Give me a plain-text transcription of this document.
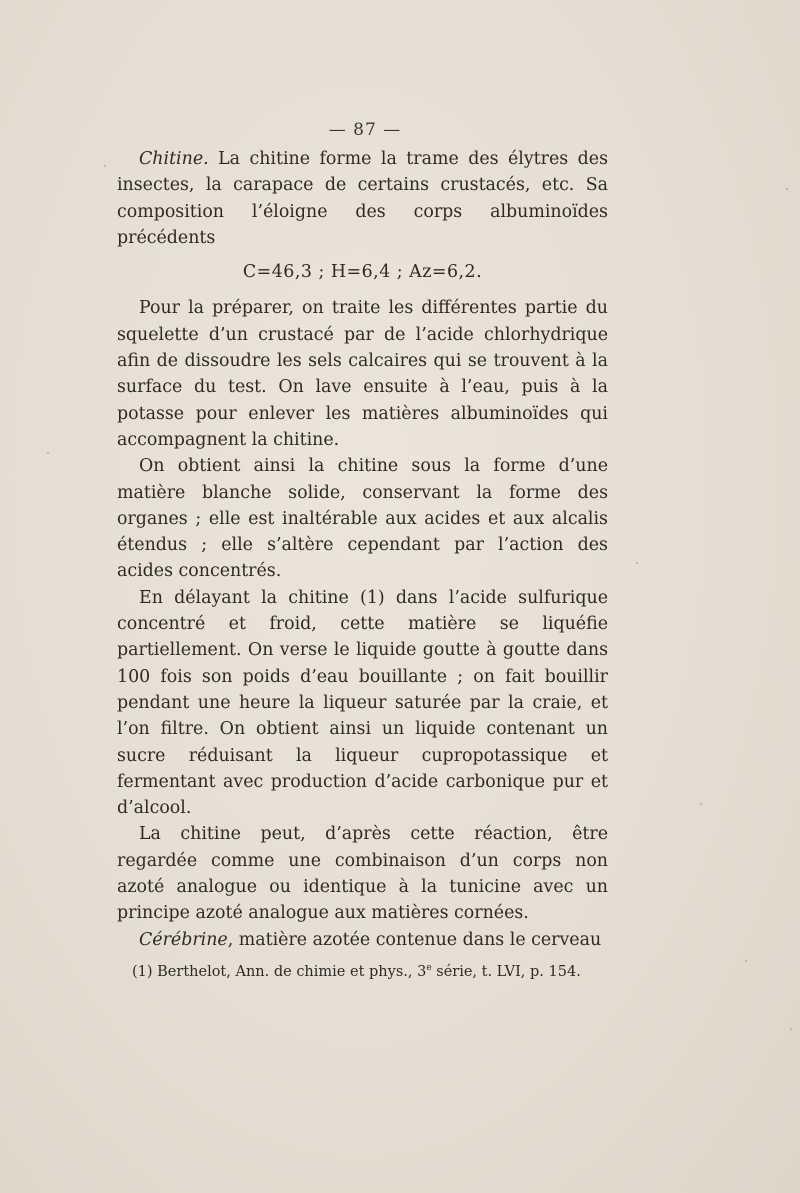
— 87 —

Chitine. La chitine forme la trame des élytres des insectes, la carapace de certains crustacés, etc. Sa composition l’éloigne des corps albuminoïdes précédents

C=46,3 ; H=6,4 ; Az=6,2.

Pour la préparer, on traite les différentes partie du squelette d’un crustacé par de l’acide chlorhydrique afin de dissoudre les sels calcaires qui se trouvent à la surface du test. On lave ensuite à l’eau, puis à la potasse pour enlever les matières albuminoïdes qui accompagnent la chitine.

On obtient ainsi la chitine sous la forme d’une matière blanche solide, conservant la forme des organes ; elle est inaltérable aux acides et aux alcalis étendus ; elle s’altère cependant par l’action des acides concentrés.

En délayant la chitine (1) dans l’acide sulfurique concentré et froid, cette matière se liquéfie partiellement. On verse le liquide goutte à goutte dans 100 fois son poids d’eau bouillante ; on fait bouillir pendant une heure la liqueur saturée par la craie, et l’on filtre. On obtient ainsi un liquide contenant un sucre réduisant la liqueur cupropotassique et fermentant avec production d’acide carbonique pur et d’alcool.

La chitine peut, d’après cette réaction, être regardée comme une combinaison d’un corps non azoté analogue ou identique à la tunicine avec un principe azoté analogue aux matières cornées.

Cérébrine, matière azotée contenue dans le cerveau

(1) Berthelot, Ann. de chimie et phys., 3e série, t. LVI, p. 154.
